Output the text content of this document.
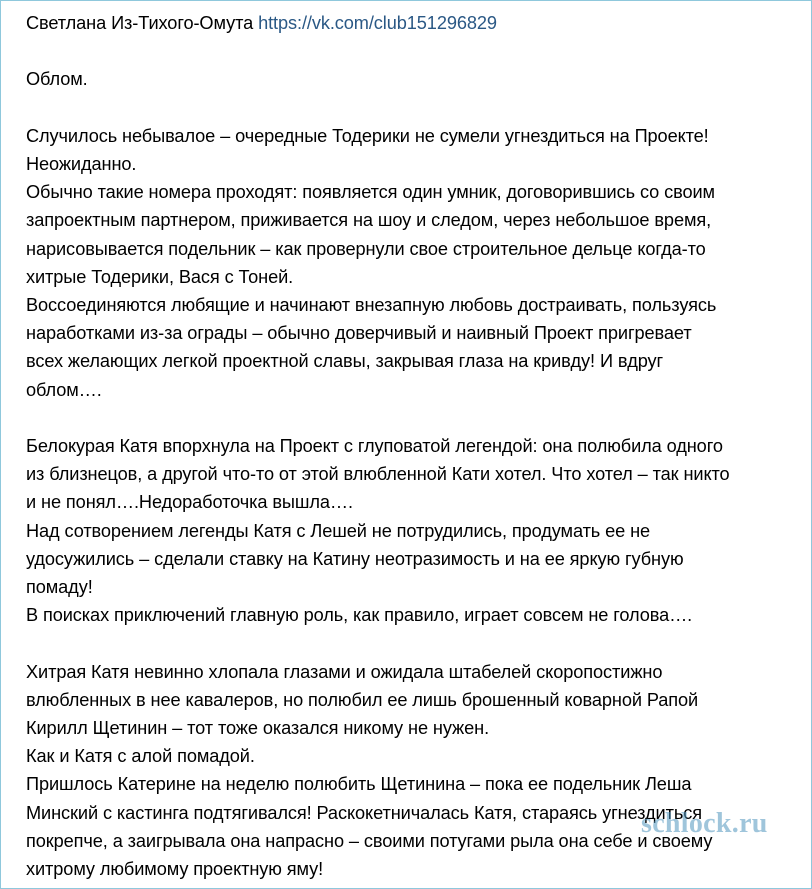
Светлана Из-Тихого-Омута https://vk.com/club151296829
Облом.
Случилось небывалое – очередные Тодерики не сумели угнездиться на Проекте!
Неожиданно.
Обычно такие номера проходят: появляется один умник, договорившись со своим
запроектным партнером, приживается на шоу и следом, через небольшое время,
нарисовывается подельник – как провернули свое строительное дельце когда-то
хитрые Тодерики, Вася с Тоней.
Воссоединяются любящие и начинают внезапную любовь достраивать, пользуясь
наработками из-за ограды – обычно доверчивый и наивный Проект пригревает
всех желающих легкой проектной славы, закрывая глаза на кривду! И вдруг
облом….
Белокурая Катя впорхнула на Проект с глуповатой легендой: она полюбила одного
из близнецов, а другой что-то от этой влюбленной Кати хотел. Что хотел – так никто
и не понял….Недоработочка вышла….
Над сотворением легенды Катя с Лешей не потрудились, продумать ее не
удосужились – сделали ставку на Катину неотразимость и на ее яркую губную
помаду!
В поисках приключений главную роль, как правило, играет совсем не голова….
Хитрая Катя невинно хлопала глазами и ожидала штабелей скоропостижно
влюбленных в нее кавалеров, но полюбил ее лишь брошенный коварной Рапой
Кирилл Щетинин – тот тоже оказался никому не нужен.
Как и Катя с алой помадой.
Пришлось Катерине на неделю полюбить Щетинина – пока ее подельник Леша
Минский с кастинга подтягивался! Раскокетничалась Катя, стараясь угнездиться
покрепче, а заигрывала она напрасно – своими потугами рыла она себе и своему
хитрому любимому проектную яму!
schlock.ru
